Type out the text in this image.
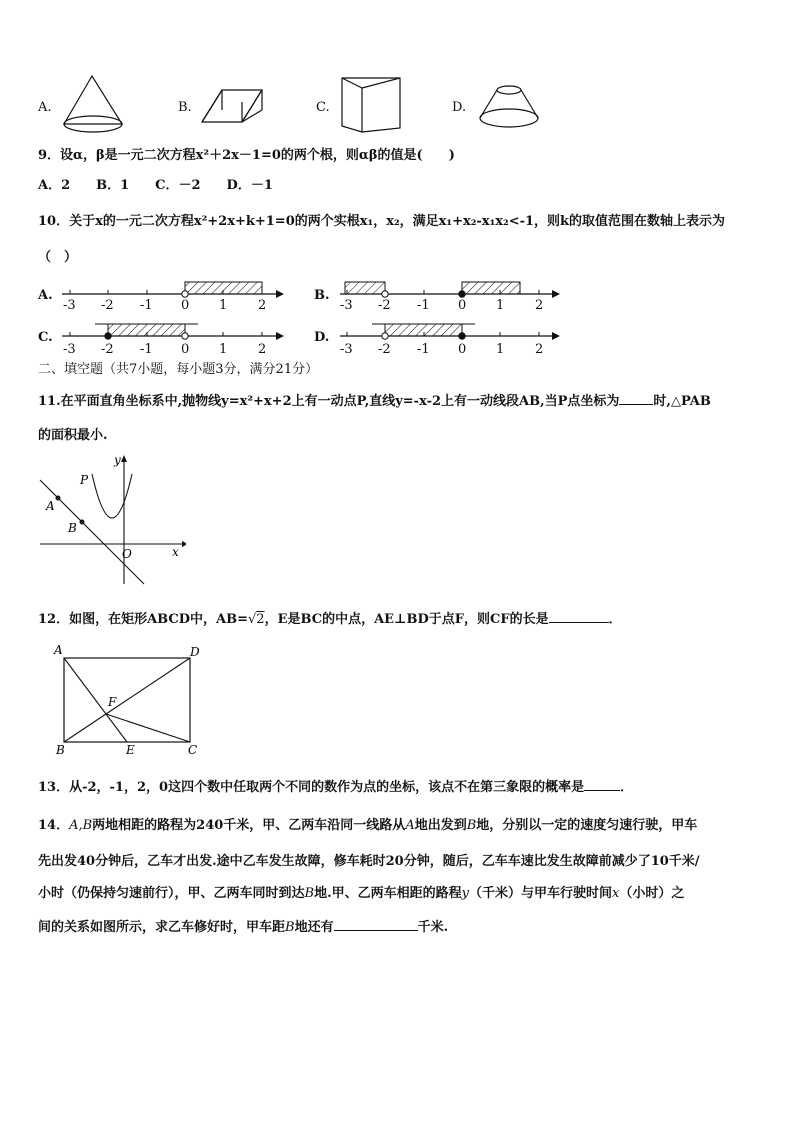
A.	B.	C.	D.
9．设α，β是一元二次方程x²＋2x－1=0的两个根，则αβ的值是(　　)
A．2　　B．1　　C．－2　　D．－1
10．关于x的一元二次方程x²+2x+k+1=0的两个实根x₁，x₂，满足x₁+x₂-x₁x₂<-1，则k的取值范围在数轴上表示为
（　）
A.	B.
C.	D.
-3 -2 -1 0 1 2	-3 -2 -1 0 1 2
-3 -2 -1 0 1 2	-3 -2 -1 0 1 2
二、填空题（共7小题，每小题3分，满分21分）
11.在平面直角坐标系中,抛物线y=x²+x+2上有一动点P,直线y=-x-2上有一动线段AB,当P点坐标为	时,△PAB
的面积最小.
y
x
O
P
A
B
12．如图，在矩形ABCD中，AB=√2，E是BC的中点，AE⊥BD于点F，则CF的长是	．
A	D
B	C
E
F
13．从-2，-1，2，0这四个数中任取两个不同的数作为点的坐标，该点不在第三象限的概率是	．
14．A,B两地相距的路程为240千米，甲、乙两车沿同一线路从A地出发到B地，分别以一定的速度匀速行驶，甲车
先出发40分钟后，乙车才出发.途中乙车发生故障，修车耗时20分钟，随后，乙车车速比发生故障前减少了10千米/
小时（仍保持匀速前行），甲、乙两车同时到达B地.甲、乙两车相距的路程y（千米）与甲车行驶时间x（小时）之
间的关系如图所示，求乙车修好时，甲车距B地还有	千米.
